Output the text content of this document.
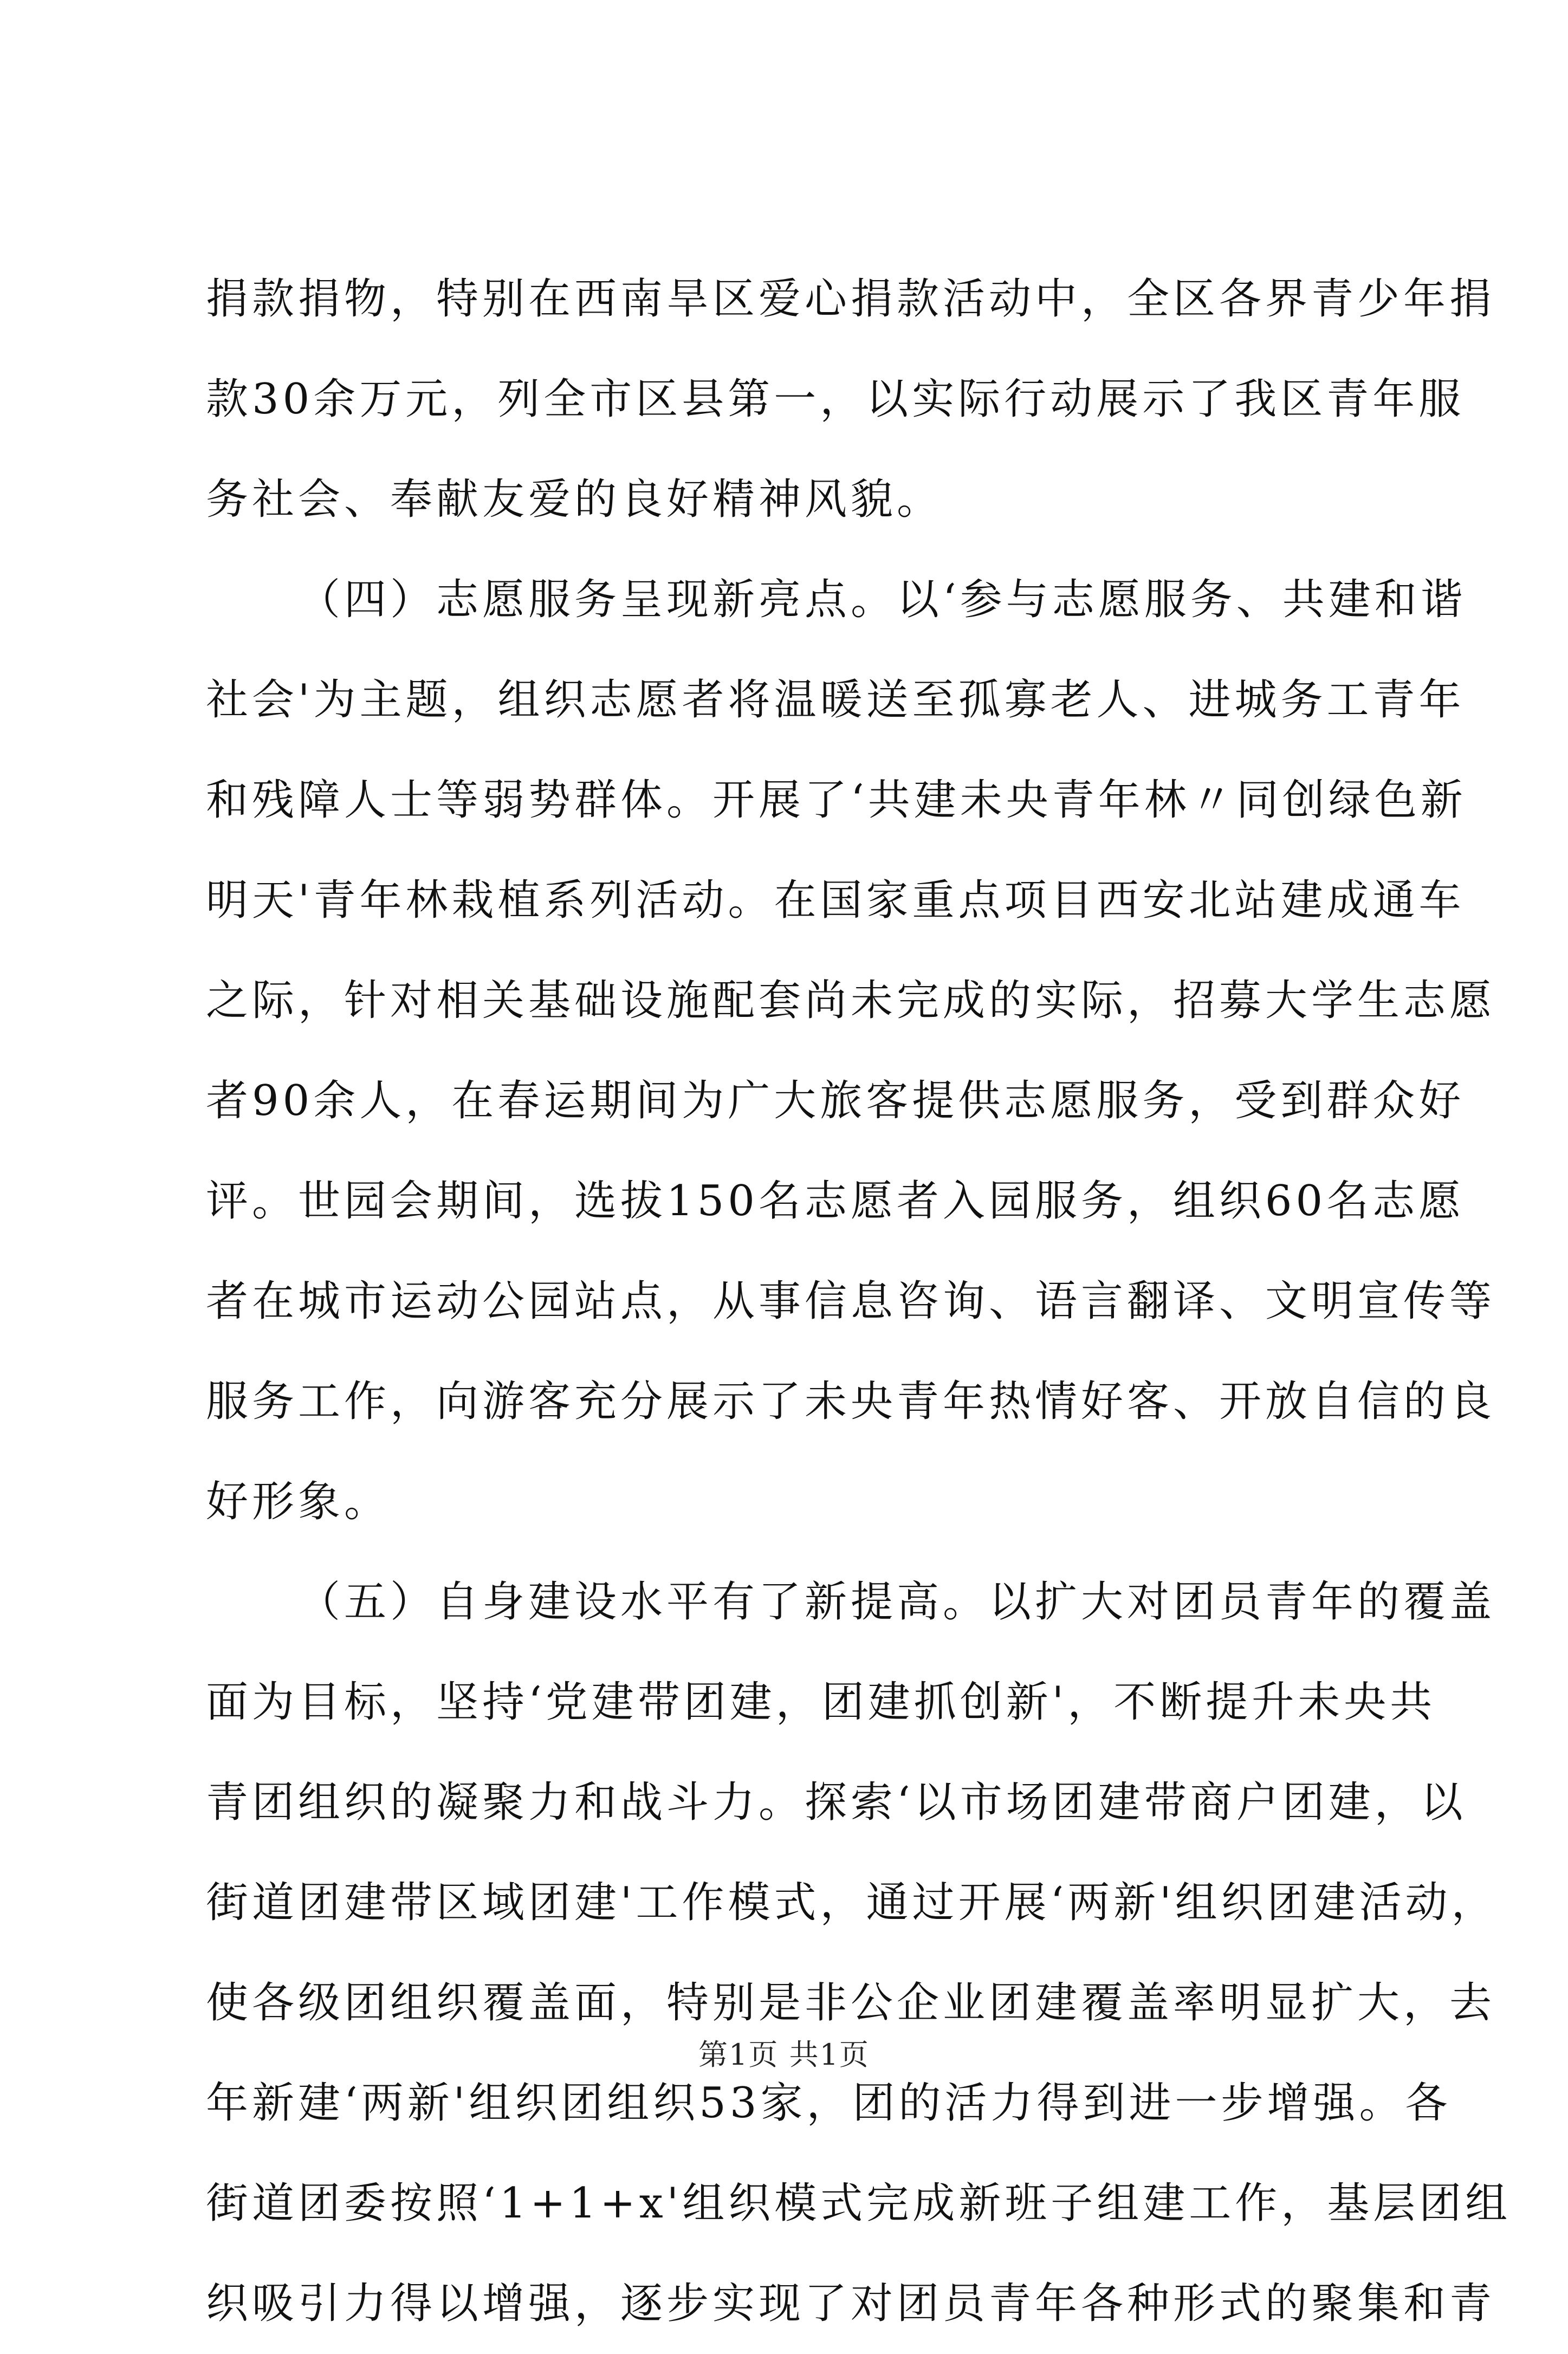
捐款捐物，特别在西南旱区爱心捐款活动中，全区各界青少年捐
款30余万元，列全市区县第一，以实际行动展示了我区青年服
务社会、奉献友爱的良好精神风貌。
（四）志愿服务呈现新亮点。以‘参与志愿服务、共建和谐
社会'为主题，组织志愿者将温暖送至孤寡老人、进城务工青年
和残障人士等弱势群体。开展了‘共建未央青年林〃同创绿色新
明天'青年林栽植系列活动。在国家重点项目西安北站建成通车
之际，针对相关基础设施配套尚未完成的实际，招募大学生志愿
者90余人，在春运期间为广大旅客提供志愿服务，受到群众好
评。世园会期间，选拔150名志愿者入园服务，组织60名志愿
者在城市运动公园站点，从事信息咨询、语言翻译、文明宣传等
服务工作，向游客充分展示了未央青年热情好客、开放自信的良
好形象。
（五）自身建设水平有了新提高。以扩大对团员青年的覆盖
面为目标，坚持‘党建带团建，团建抓创新'，不断提升未央共
青团组织的凝聚力和战斗力。探索‘以市场团建带商户团建，以
街道团建带区域团建'工作模式，通过开展‘两新'组织团建活动，
使各级团组织覆盖面，特别是非公企业团建覆盖率明显扩大，去
年新建‘两新'组织团组织53家，团的活力得到进一步增强。各
街道团委按照‘1+1+x'组织模式完成新班子组建工作，基层团组
织吸引力得以增强，逐步实现了对团员青年各种形式的聚集和青
第1页 共1页
